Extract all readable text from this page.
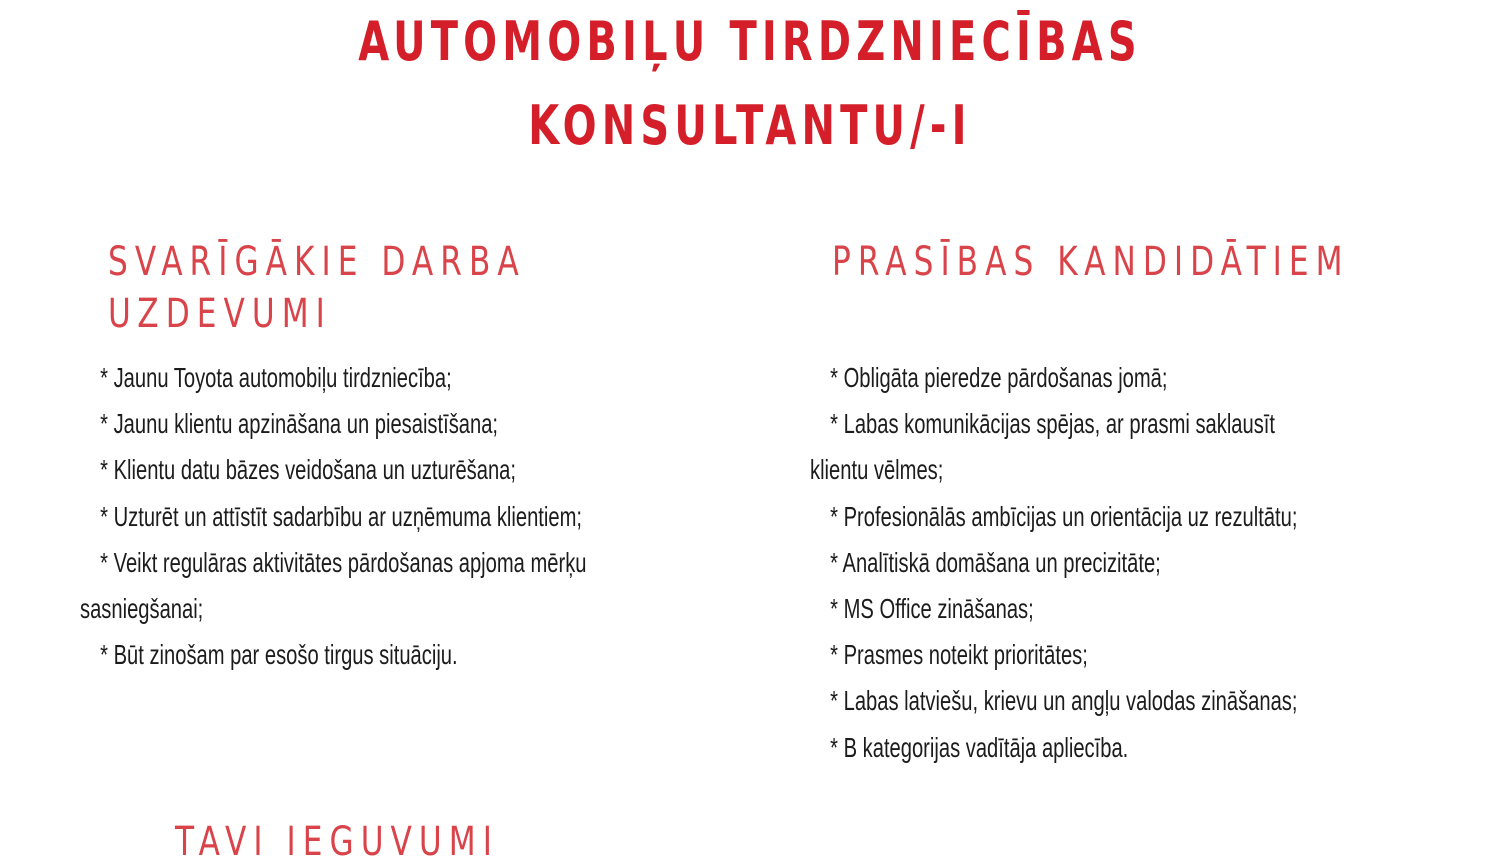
AUTOMOBIĻU TIRDZNIECĪBAS
KONSULTANTU/-I
SVARĪGĀKIE DARBA
UZDEVUMI
* Jaunu Toyota automobiļu tirdzniecība;
* Jaunu klientu apzināšana un piesaistīšana;
* Klientu datu bāzes veidošana un uzturēšana;
* Uzturēt un attīstīt sadarbību ar uzņēmuma klientiem;
* Veikt regulāras aktivitātes pārdošanas apjoma mērķu
sasniegšanai;
* Būt zinošam par esošo tirgus situāciju.
PRASĪBAS KANDIDĀTIEM
* Obligāta pieredze pārdošanas jomā;
* Labas komunikācijas spējas, ar prasmi saklausīt
klientu vēlmes;
* Profesionālās ambīcijas un orientācija uz rezultātu;
* Analītiskā domāšana un precizitāte;
* MS Office zināšanas;
* Prasmes noteikt prioritātes;
* Labas latviešu, krievu un angļu valodas zināšanas;
* B kategorijas vadītāja apliecība.
TAVI IEGUVUMI
